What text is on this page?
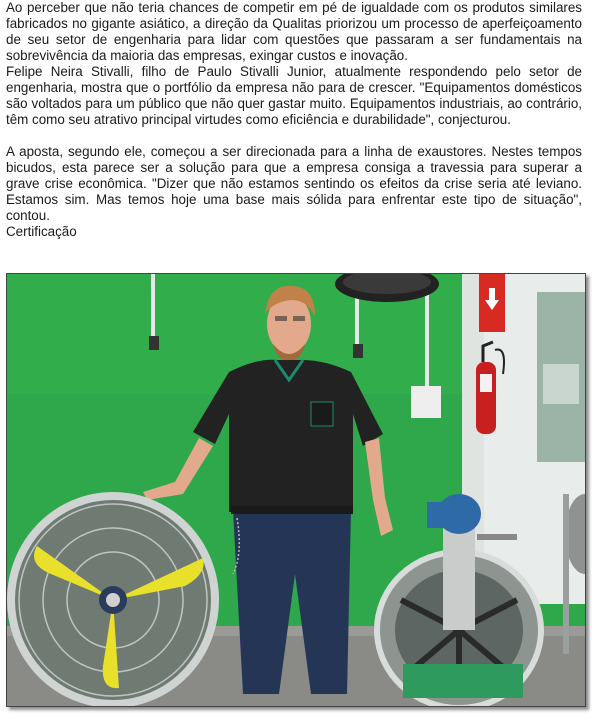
Ao perceber que não teria chances de competir em pé de igualdade com os produtos similares fabricados no gigante asiático, a direção da Qualitas priorizou um processo de aperfeiçoamento de seu setor de engenharia para lidar com questões que passaram a ser fundamentais na sobrevivência da maioria das empresas, exingar custos e inovação.

Felipe Neira Stivalli, filho de Paulo Stivalli Junior, atualmente respondendo pelo setor de engenharia, mostra que o portfólio da empresa não para de crescer. "Equipamentos domésticos são voltados para um público que não quer gastar muito. Equipamentos industriais, ao contrário, têm como seu atrativo principal virtudes como eficiência e durabilidade", conjecturou.

A aposta, segundo ele, começou a ser direcionada para a linha de exaustores. Nestes tempos bicudos, esta parece ser a solução para que a empresa consiga a travessia para superar a grave crise econômica. "Dizer que não estamos sentindo os efeitos da crise seria até leviano. Estamos sim. Mas temos hoje uma base mais sólida para enfrentar este tipo de situação", contou.

Certificação
